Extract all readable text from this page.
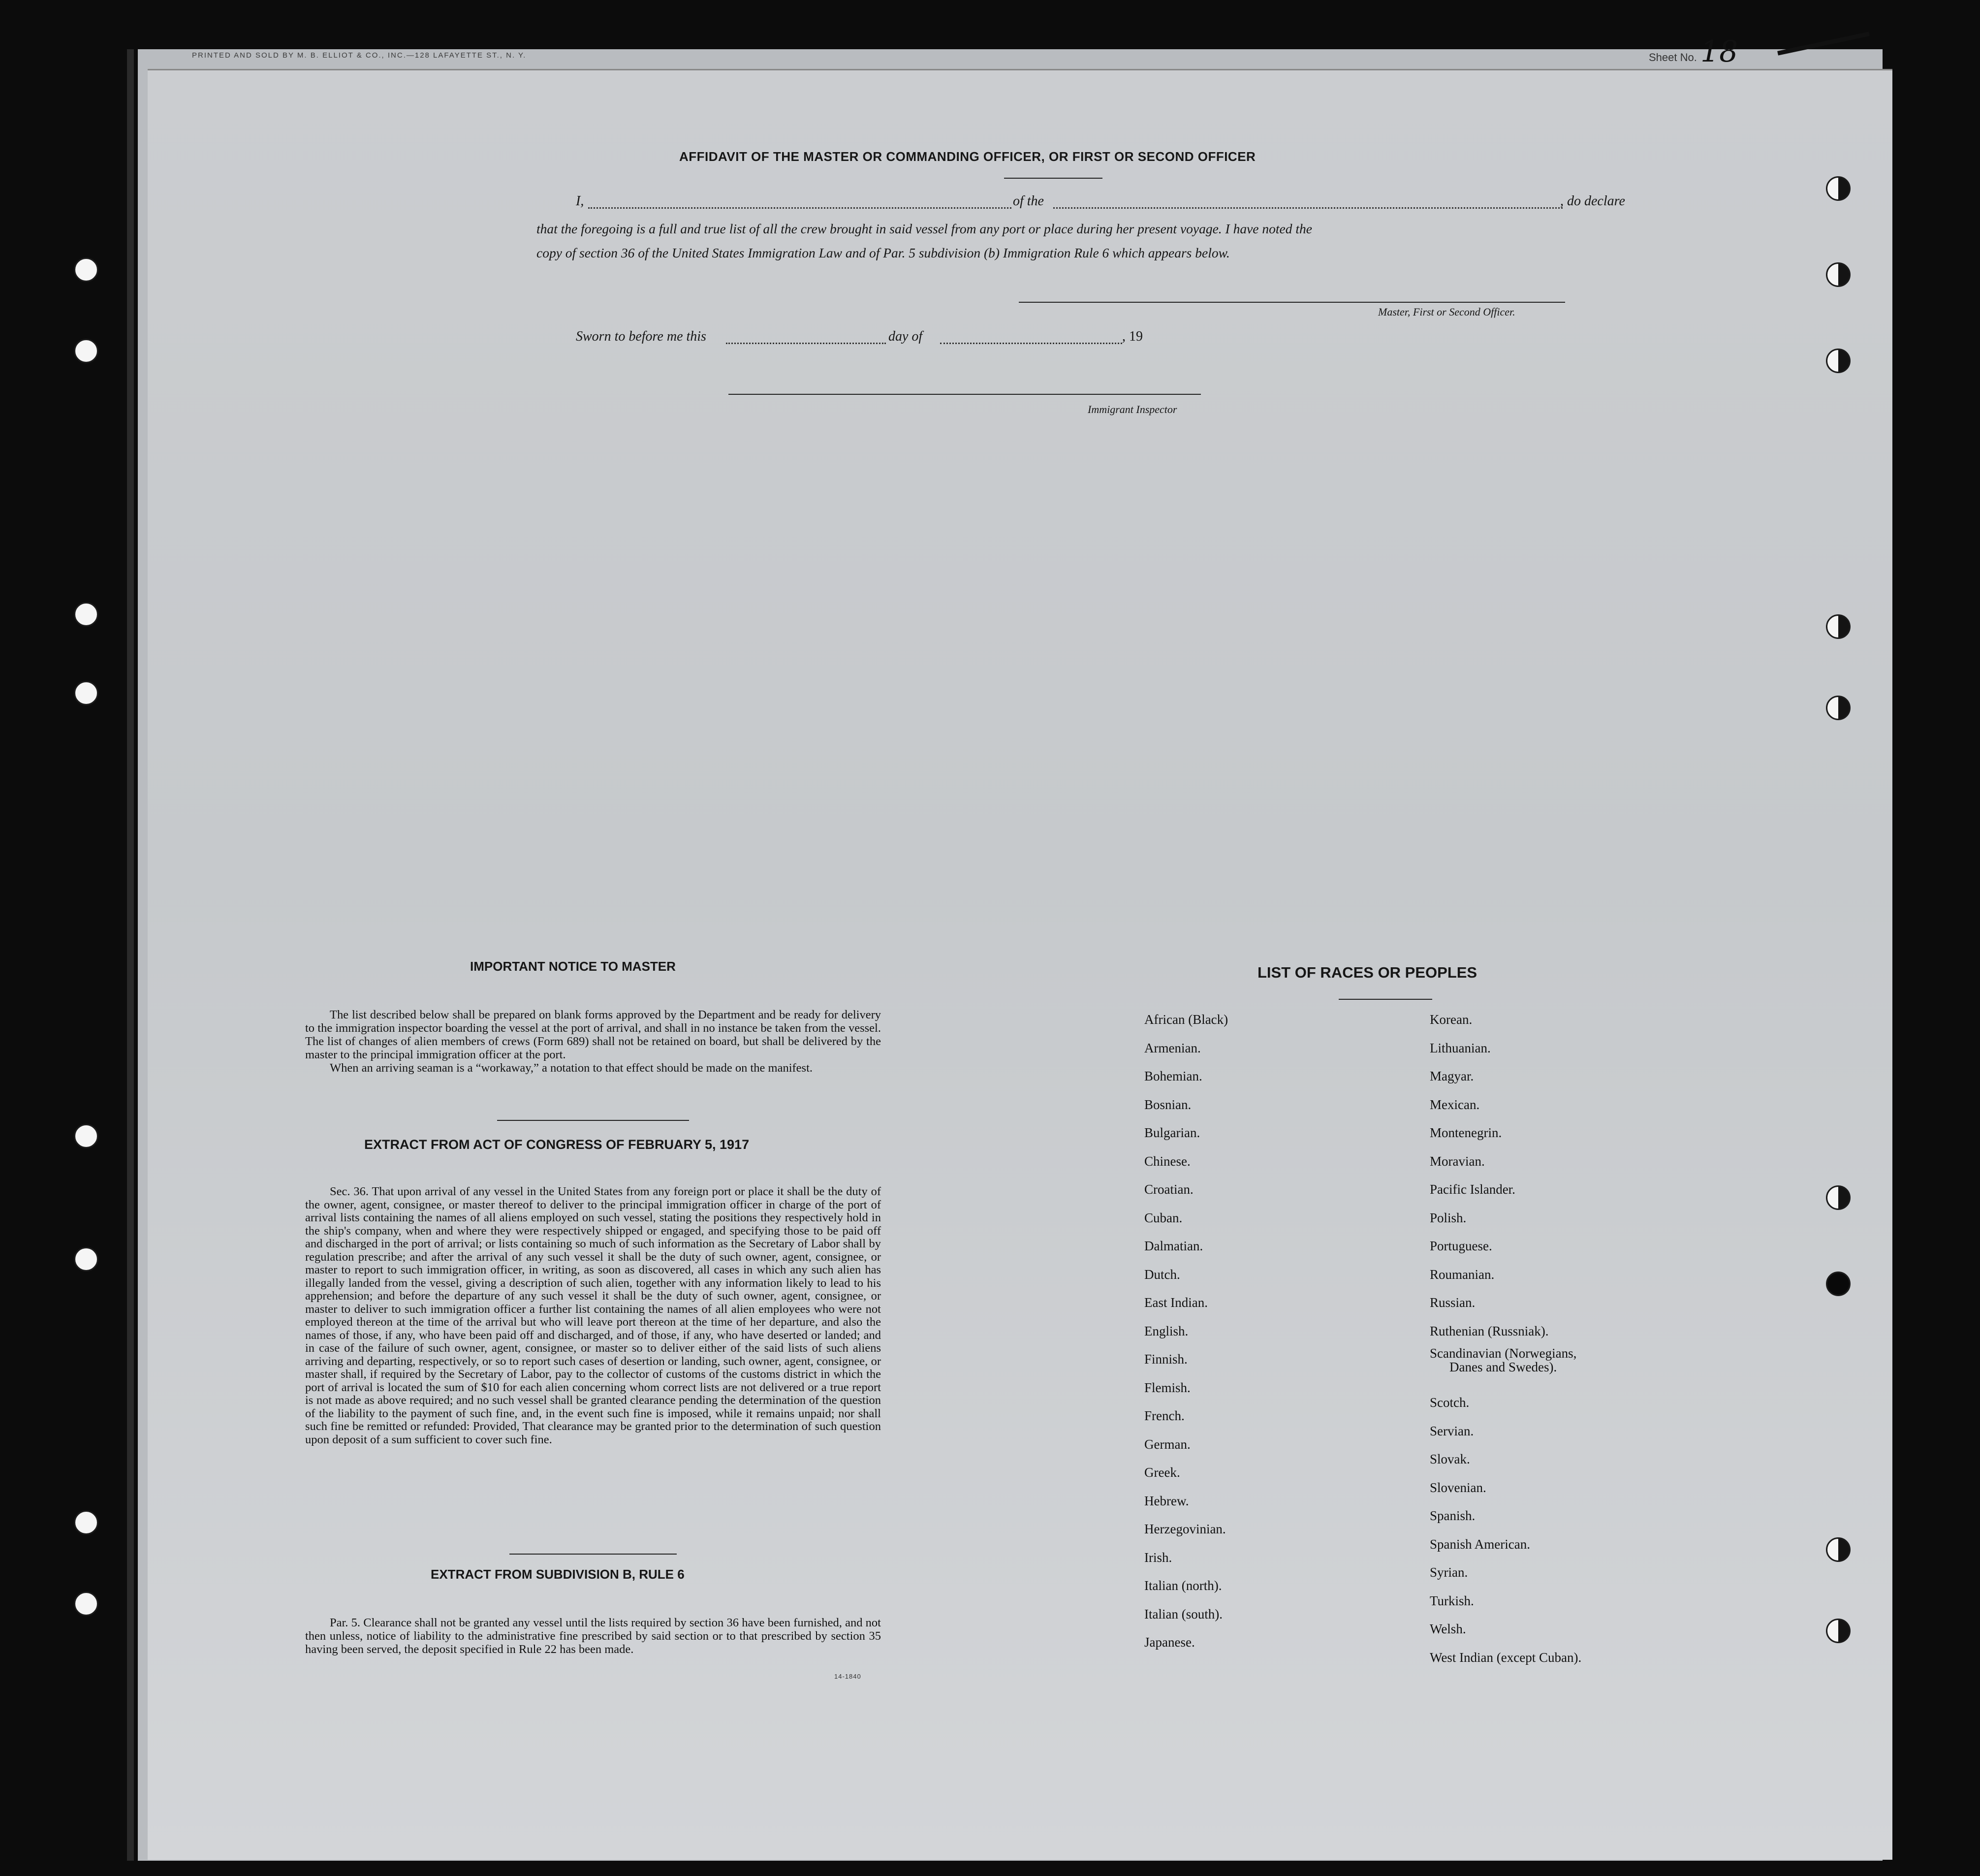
PRINTED AND SOLD BY M. B. ELLIOT & CO., INC.—128 LAFAYETTE ST., N. Y.	Sheet No. 18

AFFIDAVIT OF THE MASTER OR COMMANDING OFFICER, OR FIRST OR SECOND OFFICER
I,	of the	, do declare
that the foregoing is a full and true list of all the crew brought in said vessel from any port or place during her present voyage. I have noted the
copy of section 36 of the United States Immigration Law and of Par. 5 subdivision (b) Immigration Rule 6 which appears below.
Master, First or Second Officer.
Sworn to before me this	day of	, 19
Immigrant Inspector
IMPORTANT NOTICE TO MASTER

The list described below shall be prepared on blank forms approved by the Department and be ready for delivery to the immigration inspector boarding the vessel at the port of arrival, and shall in no instance be taken from the vessel. The list of changes of alien members of crews (Form 689) shall not be retained on board, but shall be delivered by the master to the principal immigration officer at the port.

When an arriving seaman is a “workaway,” a notation to that effect should be made on the manifest.

EXTRACT FROM ACT OF CONGRESS OF FEBRUARY 5, 1917

Sec. 36. That upon arrival of any vessel in the United States from any foreign port or place it shall be the duty of the owner, agent, consignee, or master thereof to deliver to the principal immigration officer in charge of the port of arrival lists containing the names of all aliens employed on such vessel, stating the positions they respectively hold in the ship's company, when and where they were respectively shipped or engaged, and specifying those to be paid off and discharged in the port of arrival; or lists containing so much of such information as the Secretary of Labor shall by regulation prescribe; and after the arrival of any such vessel it shall be the duty of such owner, agent, consignee, or master to report to such immigration officer, in writing, as soon as discovered, all cases in which any such alien has illegally landed from the vessel, giving a description of such alien, together with any information likely to lead to his apprehension; and before the departure of any such vessel it shall be the duty of such owner, agent, consignee, or master to deliver to such immigration officer a further list containing the names of all alien employees who were not employed thereon at the time of the arrival but who will leave port thereon at the time of her departure, and also the names of those, if any, who have been paid off and discharged, and of those, if any, who have deserted or landed; and in case of the failure of such owner, agent, consignee, or master so to deliver either of the said lists of such aliens arriving and departing, respectively, or so to report such cases of desertion or landing, such owner, agent, consignee, or master shall, if required by the Secretary of Labor, pay to the collector of customs of the customs district in which the port of arrival is located the sum of $10 for each alien concerning whom correct lists are not delivered or a true report is not made as above required; and no such vessel shall be granted clearance pending the determination of the question of the liability to the payment of such fine, and, in the event such fine is imposed, while it remains unpaid; nor shall such fine be remitted or refunded: Provided, That clearance may be granted prior to the determination of such question upon deposit of a sum sufficient to cover such fine.

EXTRACT FROM SUBDIVISION B, RULE 6

Par. 5. Clearance shall not be granted any vessel until the lists required by section 36 have been furnished, and not then unless, notice of liability to the administrative fine prescribed by said section or to that prescribed by section 35 having been served, the deposit specified in Rule 22 has been made.

14-1840
LIST OF RACES OR PEOPLES
African (Black)
Armenian.
Bohemian.
Bosnian.
Bulgarian.
Chinese.
Croatian.
Cuban.
Dalmatian.
Dutch.
East Indian.
English.
Finnish.
Flemish.
French.
German.
Greek.
Hebrew.
Herzegovinian.
Irish.
Italian (north).
Italian (south).
Japanese.
Korean.
Lithuanian.
Magyar.
Mexican.
Montenegrin.
Moravian.
Pacific Islander.
Polish.
Portuguese.
Roumanian.
Russian.
Ruthenian (Russniak).
Scandinavian (Norwegians,
Danes and Swedes).
Scotch.
Servian.
Slovak.
Slovenian.
Spanish.
Spanish American.
Syrian.
Turkish.
Welsh.
West Indian (except Cuban).
